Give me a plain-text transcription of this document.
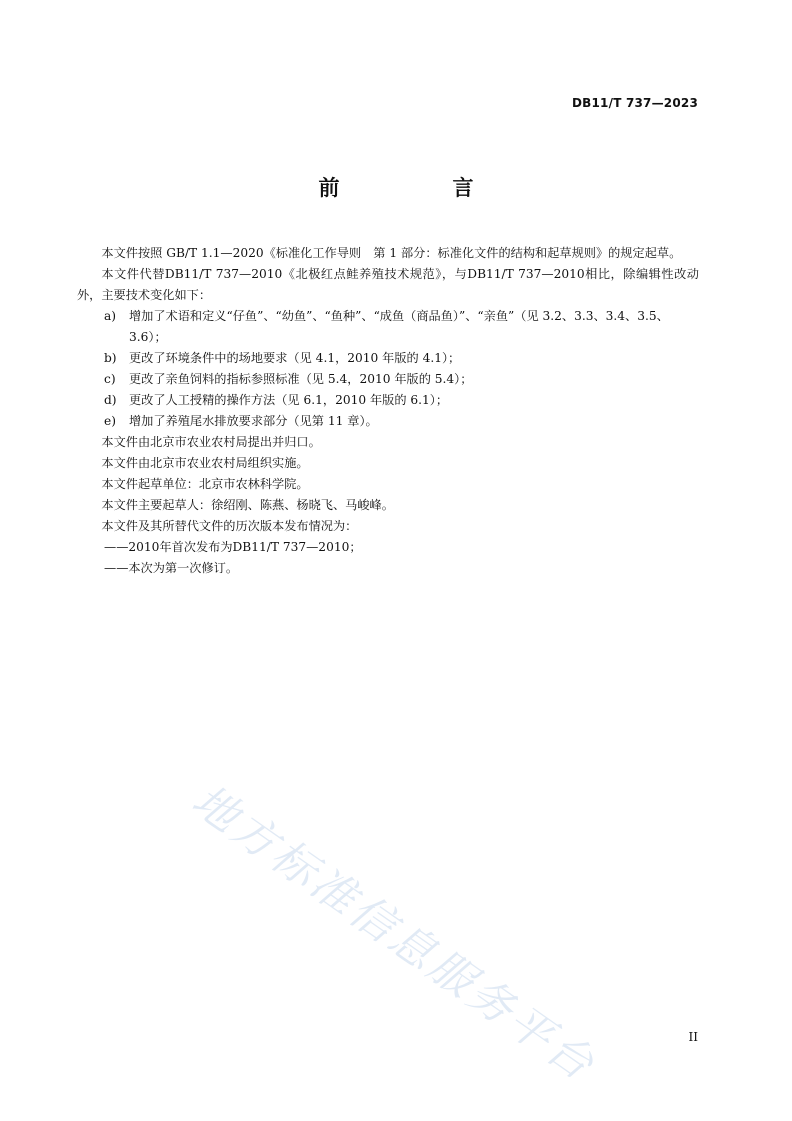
DB11/T 737—2023
前　言

本文件按照 GB/T 1.1—2020《标准化工作导则　第 1 部分：标准化文件的结构和起草规则》的规定起草。

本文件代替DB11/T 737—2010《北极红点鲑养殖技术规范》，与DB11/T 737—2010相比，除编辑性改动外，主要技术变化如下：

a) 增加了术语和定义“仔鱼”、“幼鱼”、“鱼种”、“成鱼（商品鱼）”、“亲鱼”（见 3.2、3.3、3.4、3.5、3.6）；

b) 更改了环境条件中的场地要求（见 4.1，2010 年版的 4.1）；

c) 更改了亲鱼饲料的指标参照标准（见 5.4，2010 年版的 5.4）；

d) 更改了人工授精的操作方法（见 6.1，2010 年版的 6.1）；

e) 增加了养殖尾水排放要求部分（见第 11 章）。

本文件由北京市农业农村局提出并归口。

本文件由北京市农业农村局组织实施。

本文件起草单位：北京市农林科学院。

本文件主要起草人：徐绍刚、陈燕、杨晓飞、马峻峰。

本文件及其所替代文件的历次版本发布情况为：

——2010年首次发布为DB11/T 737—2010；

——本次为第一次修订。

地方标准信息服务平台	II
